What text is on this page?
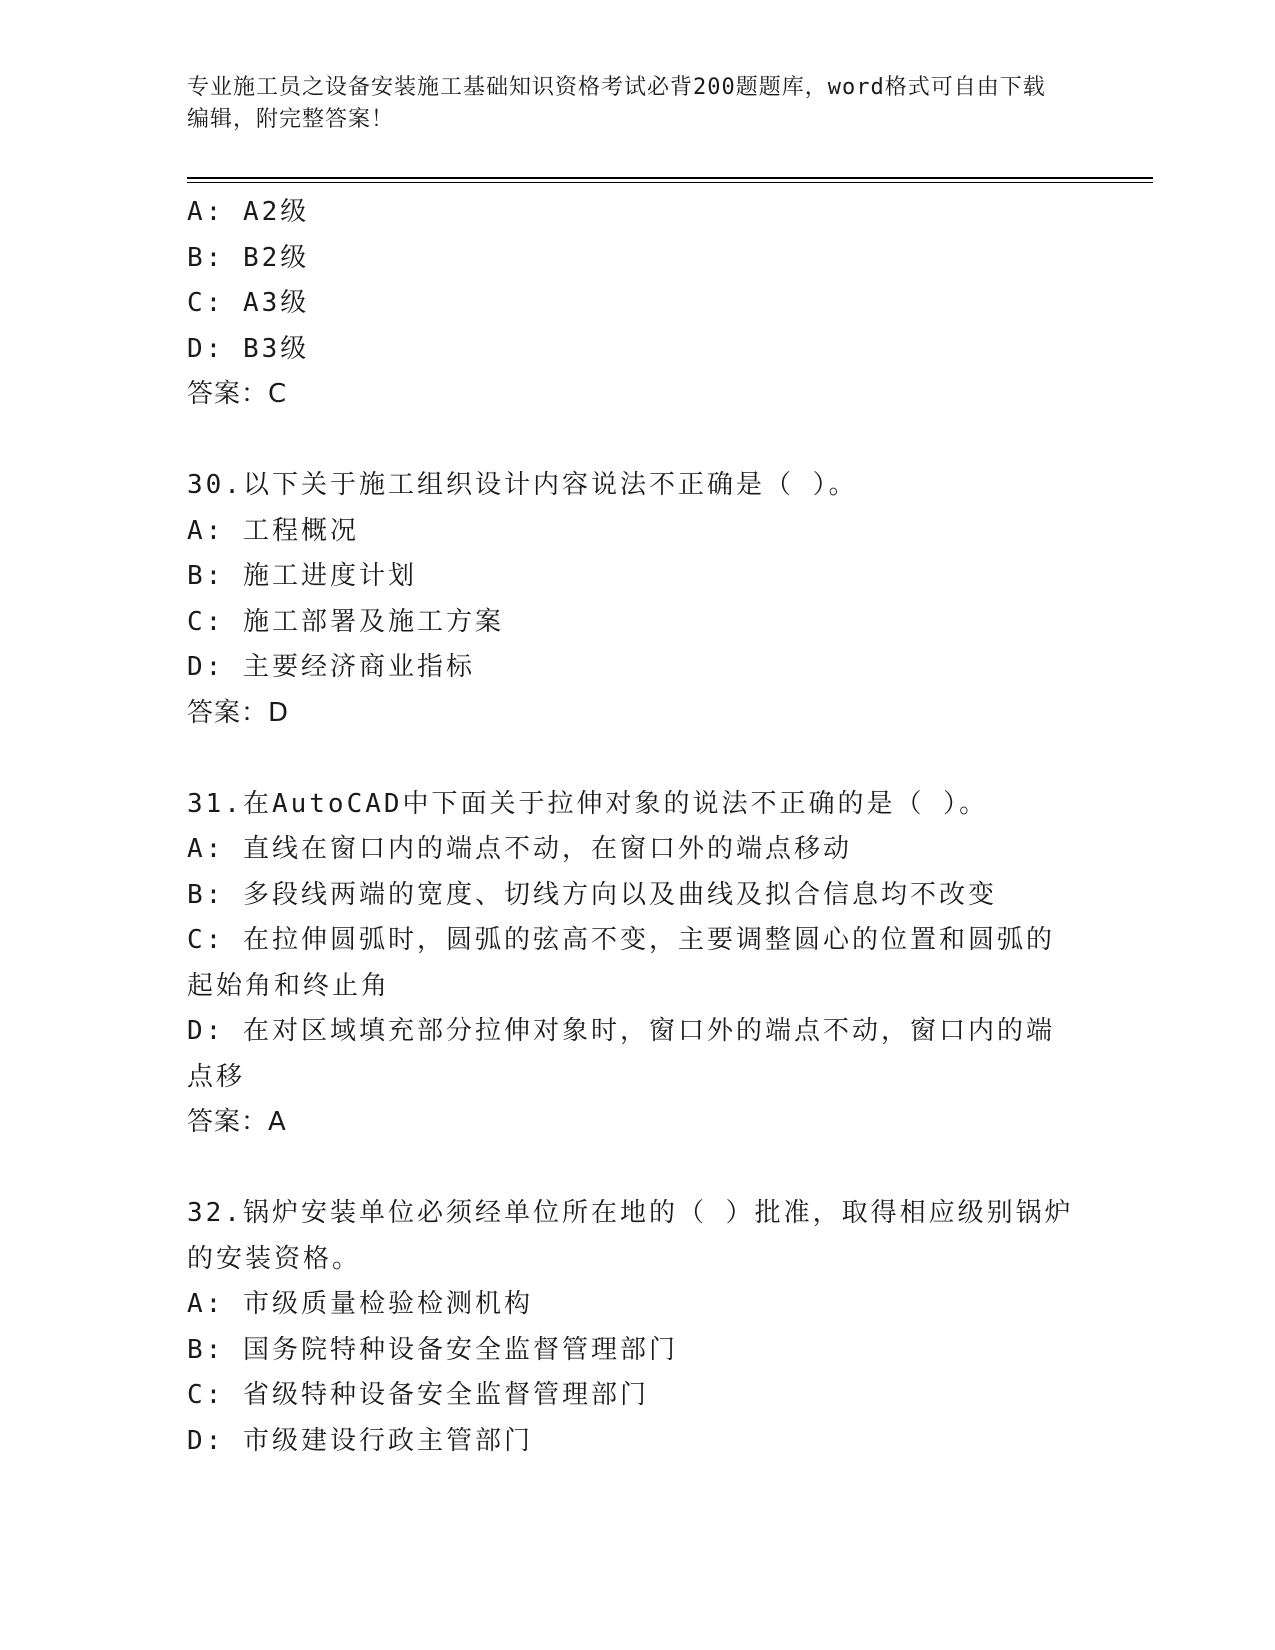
专业施工员之设备安装施工基础知识资格考试必背200题题库，word格式可自由下载编辑，附完整答案！
A: A2级
B: B2级
C: A3级
D: B3级
答案：C
30.以下关于施工组织设计内容说法不正确是（ ）。
A: 工程概况
B: 施工进度计划
C: 施工部署及施工方案
D: 主要经济商业指标
答案：D
31.在AutoCAD中下面关于拉伸对象的说法不正确的是（ ）。
A: 直线在窗口内的端点不动，在窗口外的端点移动
B: 多段线两端的宽度、切线方向以及曲线及拟合信息均不改变
C: 在拉伸圆弧时，圆弧的弦高不变，主要调整圆心的位置和圆弧的起始角和终止角
D: 在对区域填充部分拉伸对象时，窗口外的端点不动，窗口内的端点移
答案：A
32.锅炉安装单位必须经单位所在地的（ ）批准，取得相应级别锅炉的安装资格。
A: 市级质量检验检测机构
B: 国务院特种设备安全监督管理部门
C: 省级特种设备安全监督管理部门
D: 市级建设行政主管部门
